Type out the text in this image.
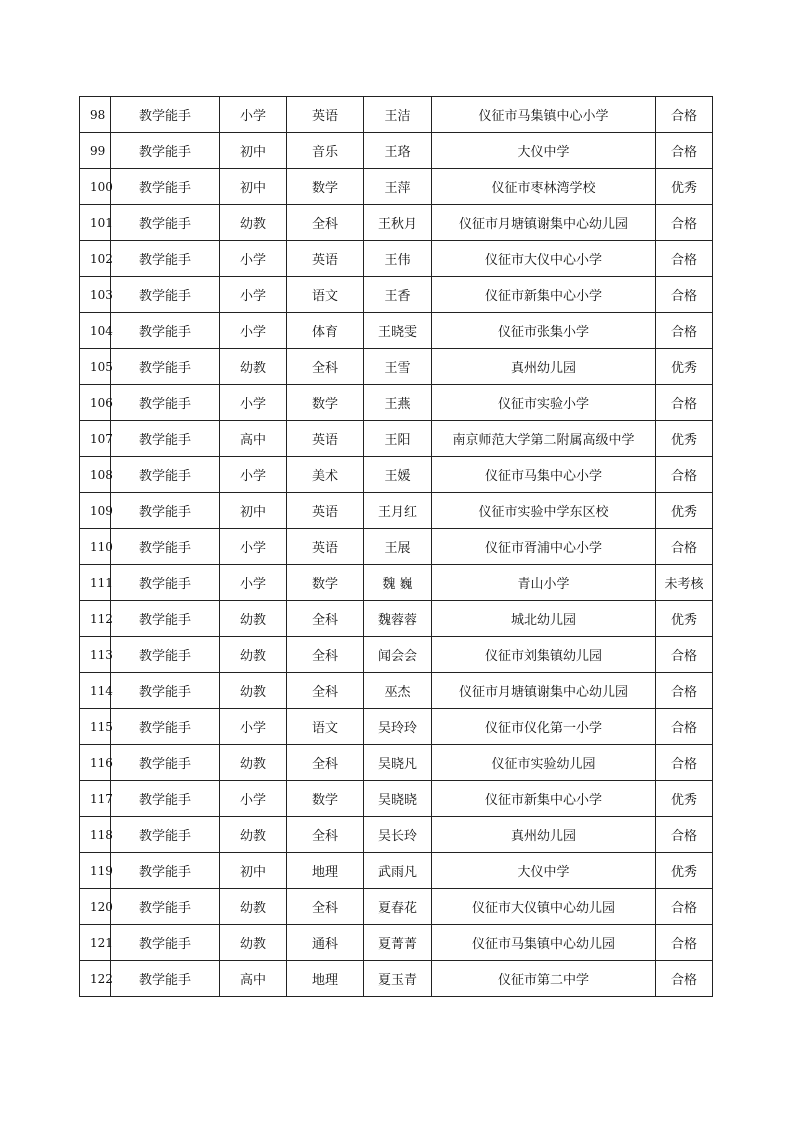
98	教学能手	小学	英语	王洁	仪征市马集镇中心小学	合格
99	教学能手	初中	音乐	王珞	大仪中学	合格
100	教学能手	初中	数学	王萍	仪征市枣林湾学校	优秀
101	教学能手	幼教	全科	王秋月	仪征市月塘镇谢集中心幼儿园	合格
102	教学能手	小学	英语	王伟	仪征市大仪中心小学	合格
103	教学能手	小学	语文	王香	仪征市新集中心小学	合格
104	教学能手	小学	体育	王晓雯	仪征市张集小学	合格
105	教学能手	幼教	全科	王雪	真州幼儿园	优秀
106	教学能手	小学	数学	王燕	仪征市实验小学	合格
107	教学能手	高中	英语	王阳	南京师范大学第二附属高级中学	优秀
108	教学能手	小学	美术	王媛	仪征市马集中心小学	合格
109	教学能手	初中	英语	王月红	仪征市实验中学东区校	优秀
110	教学能手	小学	英语	王展	仪征市胥浦中心小学	合格
111	教学能手	小学	数学	魏 巍	青山小学	未考核
112	教学能手	幼教	全科	魏蓉蓉	城北幼儿园	优秀
113	教学能手	幼教	全科	闻会会	仪征市刘集镇幼儿园	合格
114	教学能手	幼教	全科	巫杰	仪征市月塘镇谢集中心幼儿园	合格
115	教学能手	小学	语文	吴玲玲	仪征市仪化第一小学	合格
116	教学能手	幼教	全科	吴晓凡	仪征市实验幼儿园	合格
117	教学能手	小学	数学	吴晓晓	仪征市新集中心小学	优秀
118	教学能手	幼教	全科	吴长玲	真州幼儿园	合格
119	教学能手	初中	地理	武雨凡	大仪中学	优秀
120	教学能手	幼教	全科	夏春花	仪征市大仪镇中心幼儿园	合格
121	教学能手	幼教	通科	夏菁菁	仪征市马集镇中心幼儿园	合格
122	教学能手	高中	地理	夏玉青	仪征市第二中学	合格
